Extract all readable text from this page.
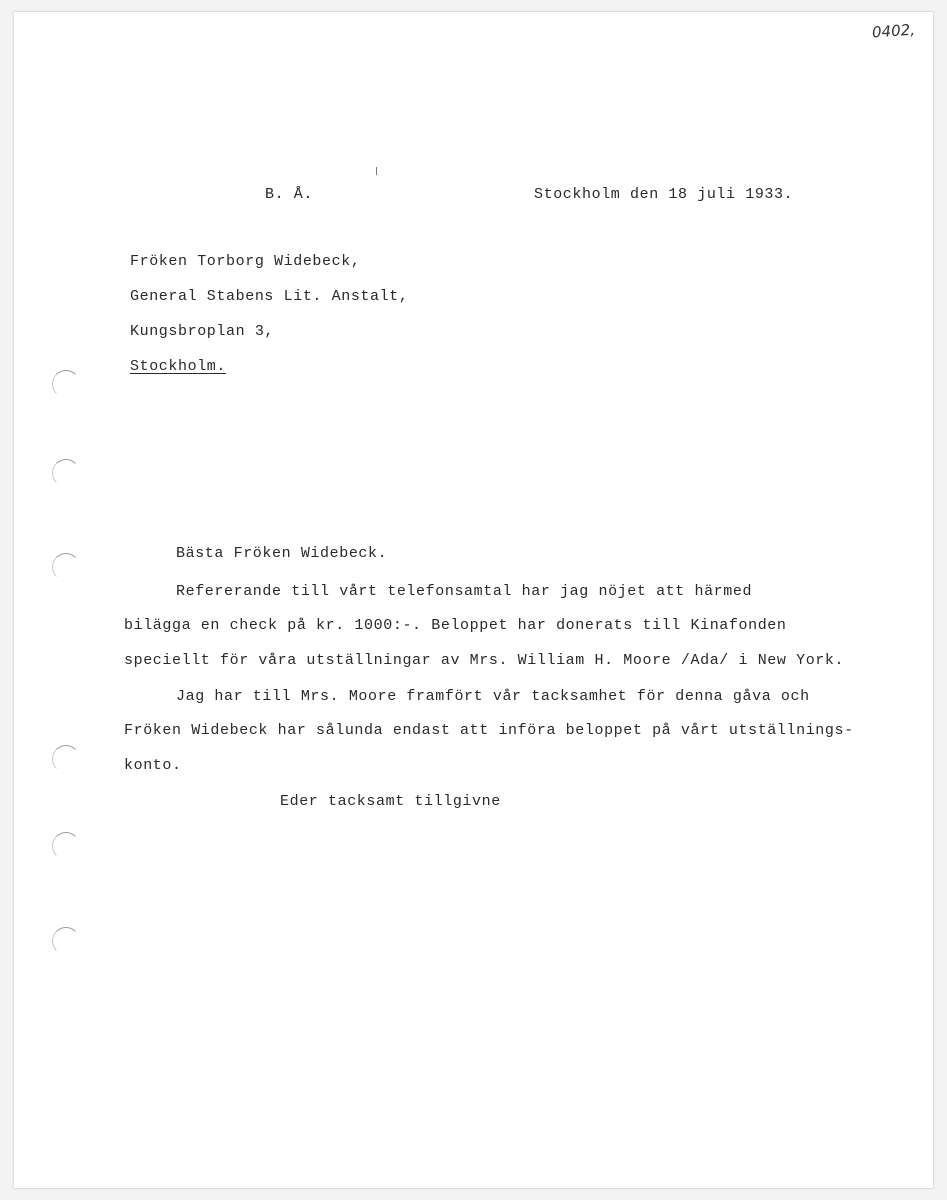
0402,
B. Å.	Stockholm den 18 juli 1933.
Fröken Torborg Widebeck,
General Stabens Lit. Anstalt,
Kungsbroplan 3,
Stockholm.
Bästa Fröken Widebeck.
Refererande till vårt telefonsamtal har jag nöjet att härmed
bilägga en check på kr. 1000:-. Beloppet har donerats till Kinafonden
speciellt för våra utställningar av Mrs. William H. Moore /Ada/ i New York.
Jag har till Mrs. Moore framfört vår tacksamhet för denna gåva och
Fröken Widebeck har sålunda endast att införa beloppet på vårt utställnings-
konto.
Eder tacksamt tillgivne
